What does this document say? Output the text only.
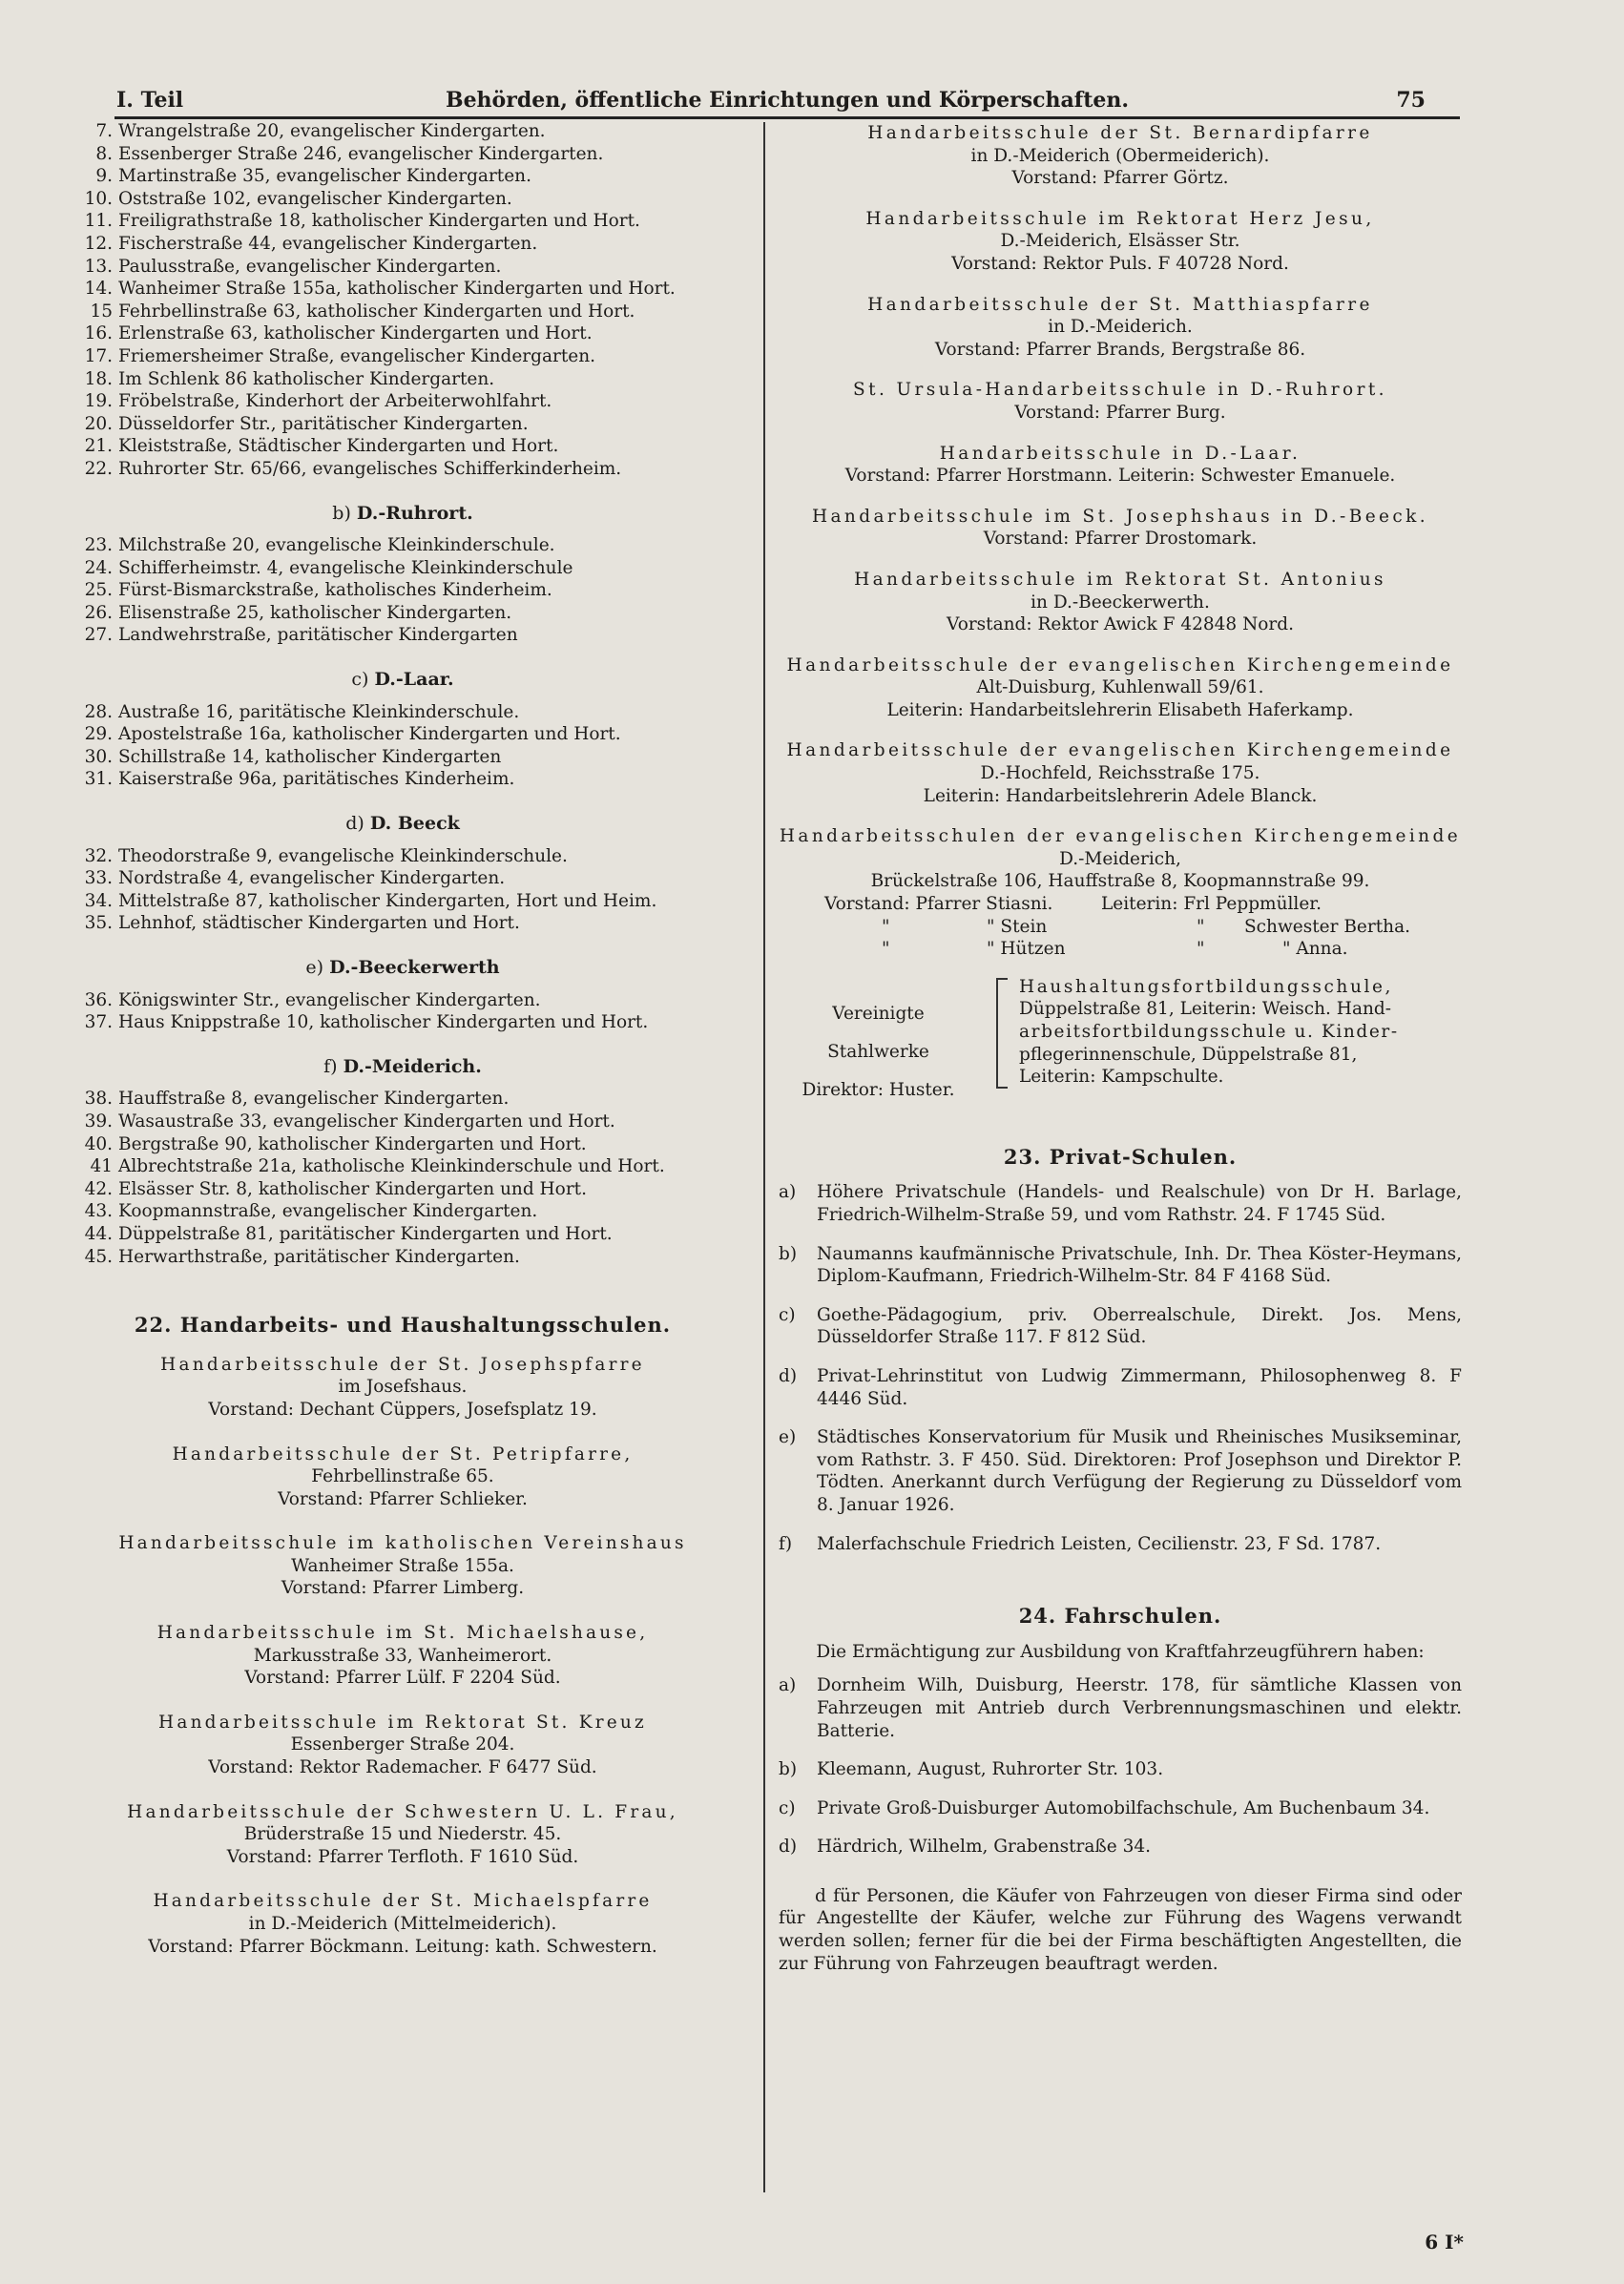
I. Teil	Behörden, öffentliche Einrichtungen und Körperschaften.	75
7. Wrangelstraße 20, evangelischer Kindergarten.
8. Essenberger Straße 246, evangelischer Kindergarten.
9. Martinstraße 35, evangelischer Kindergarten.
10. Oststraße 102, evangelischer Kindergarten.
11. Freiligrathstraße 18, katholischer Kindergarten und Hort.
12. Fischerstraße 44, evangelischer Kindergarten.
13. Paulusstraße, evangelischer Kindergarten.
14. Wanheimer Straße 155a, katholischer Kindergarten und Hort.
15 Fehrbellinstraße 63, katholischer Kindergarten und Hort.
16. Erlenstraße 63, katholischer Kindergarten und Hort.
17. Friemersheimer Straße, evangelischer Kindergarten.
18. Im Schlenk 86 katholischer Kindergarten.
19. Fröbelstraße, Kinderhort der Arbeiterwohlfahrt.
20. Düsseldorfer Str., paritätischer Kindergarten.
21. Kleiststraße, Städtischer Kindergarten und Hort.
22. Ruhrorter Str. 65/66, evangelisches Schifferkinderheim.
b) D.-Ruhrort.
23. Milchstraße 20, evangelische Kleinkinderschule.
24. Schifferheimstr. 4, evangelische Kleinkinderschule
25. Fürst-Bismarckstraße, katholisches Kinderheim.
26. Elisenstraße 25, katholischer Kindergarten.
27. Landwehrstraße, paritätischer Kindergarten
c) D.-Laar.
28. Austraße 16, paritätische Kleinkinderschule.
29. Apostelstraße 16a, katholischer Kindergarten und Hort.
30. Schillstraße 14, katholischer Kindergarten
31. Kaiserstraße 96a, paritätisches Kinderheim.
d) D. Beeck
32. Theodorstraße 9, evangelische Kleinkinderschule.
33. Nordstraße 4, evangelischer Kindergarten.
34. Mittelstraße 87, katholischer Kindergarten, Hort und Heim.
35. Lehnhof, städtischer Kindergarten und Hort.
e) D.-Beeckerwerth
36. Königswinter Str., evangelischer Kindergarten.
37. Haus Knippstraße 10, katholischer Kindergarten und Hort.
f) D.-Meiderich.
38. Hauffstraße 8, evangelischer Kindergarten.
39. Wasaustraße 33, evangelischer Kindergarten und Hort.
40. Bergstraße 90, katholischer Kindergarten und Hort.
41 Albrechtstraße 21a, katholische Kleinkinderschule und Hort.
42. Elsässer Str. 8, katholischer Kindergarten und Hort.
43. Koopmannstraße, evangelischer Kindergarten.
44. Düppelstraße 81, paritätischer Kindergarten und Hort.
45. Herwarthstraße, paritätischer Kindergarten.
22. Handarbeits- und Haushaltungsschulen.
Handarbeitsschule der St. Josephspfarre
im Josefshaus.
Vorstand: Dechant Cüppers, Josefsplatz 19.
Handarbeitsschule der St. Petripfarre,
Fehrbellinstraße 65.
Vorstand: Pfarrer Schlieker.
Handarbeitsschule im katholischen Vereinshaus
Wanheimer Straße 155a.
Vorstand: Pfarrer Limberg.
Handarbeitsschule im St. Michaelshause,
Markusstraße 33, Wanheimerort.
Vorstand: Pfarrer Lülf. F 2204 Süd.
Handarbeitsschule im Rektorat St. Kreuz
Essenberger Straße 204.
Vorstand: Rektor Rademacher. F 6477 Süd.
Handarbeitsschule der Schwestern U. L. Frau,
Brüderstraße 15 und Niederstr. 45.
Vorstand: Pfarrer Terfloth. F 1610 Süd.
Handarbeitsschule der St. Michaelspfarre
in D.-Meiderich (Mittelmeiderich).
Vorstand: Pfarrer Böckmann. Leitung: kath. Schwestern.
Handarbeitsschule der St. Bernardipfarre
in D.-Meiderich (Obermeiderich).
Vorstand: Pfarrer Görtz.
Handarbeitsschule im Rektorat Herz Jesu,
D.-Meiderich, Elsässer Str.
Vorstand: Rektor Puls. F 40728 Nord.
Handarbeitsschule der St. Matthiaspfarre
in D.-Meiderich.
Vorstand: Pfarrer Brands, Bergstraße 86.
St. Ursula-Handarbeitsschule in D.-Ruhrort.
Vorstand: Pfarrer Burg.
Handarbeitsschule in D.-Laar.
Vorstand: Pfarrer Horstmann. Leiterin: Schwester Emanuele.
Handarbeitsschule im St. Josephshaus in D.-Beeck.
Vorstand: Pfarrer Drostomark.
Handarbeitsschule im Rektorat St. Antonius
in D.-Beeckerwerth.
Vorstand: Rektor Awick F 42848 Nord.
Handarbeitsschule der evangelischen Kirchengemeinde
Alt-Duisburg, Kuhlenwall 59/61.
Leiterin: Handarbeitslehrerin Elisabeth Haferkamp.
Handarbeitsschule der evangelischen Kirchengemeinde
D.-Hochfeld, Reichsstraße 175.
Leiterin: Handarbeitslehrerin Adele Blanck.
Handarbeitsschulen der evangelischen Kirchengemeinde
D.-Meiderich,
Brückelstraße 106, Hauffstraße 8, Koopmannstraße 99.
Vorstand: Pfarrer Stiasni.	Leiterin: Frl Peppmüller.
"	" Stein	"	Schwester Bertha.
"	" Hützen	"	" Anna.
Vereinigte Stahlwerke
Direktor: Huster.
Haushaltungsfortbildungsschule,
Düppelstraße 81, Leiterin: Weisch. Hand-
arbeitsfortbildungsschule u. Kinder-
pflegerinnenschule, Düppelstraße 81,
Leiterin: Kampschulte.
23. Privat-Schulen.
a)	Höhere Privatschule (Handels- und Realschule) von Dr H. Barlage, Friedrich-Wilhelm-Straße 59, und vom Rathstr. 24. F 1745 Süd.
b)	Naumanns kaufmännische Privatschule, Inh. Dr. Thea Köster-Heymans, Diplom-Kaufmann, Friedrich-Wilhelm-Str. 84 F 4168 Süd.
c)	Goethe-Pädagogium, priv. Oberrealschule, Direkt. Jos. Mens, Düsseldorfer Straße 117. F 812 Süd.
d)	Privat-Lehrinstitut von Ludwig Zimmermann, Philosophenweg 8. F 4446 Süd.
e)	Städtisches Konservatorium für Musik und Rheinisches Musikseminar, vom Rathstr. 3. F 450. Süd. Direktoren: Prof Josephson und Direktor P. Tödten. Anerkannt durch Verfügung der Regierung zu Düsseldorf vom 8. Januar 1926.
f)	Malerfachschule Friedrich Leisten, Cecilienstr. 23, F Sd. 1787.
24. Fahrschulen.
Die Ermächtigung zur Ausbildung von Kraftfahrzeugführern haben:
a)	Dornheim Wilh, Duisburg, Heerstr. 178, für sämtliche Klassen von Fahrzeugen mit Antrieb durch Verbrennungsmaschinen und elektr. Batterie.
b)	Kleemann, August, Ruhrorter Str. 103.
c)	Private Groß-Duisburger Automobilfachschule, Am Buchenbaum 34.
d)	Härdrich, Wilhelm, Grabenstraße 34.
d für Personen, die Käufer von Fahrzeugen von dieser Firma sind oder für Angestellte der Käufer, welche zur Führung des Wagens verwandt werden sollen; ferner für die bei der Firma beschäftigten Angestellten, die zur Führung von Fahrzeugen beauftragt werden.
6 I*
